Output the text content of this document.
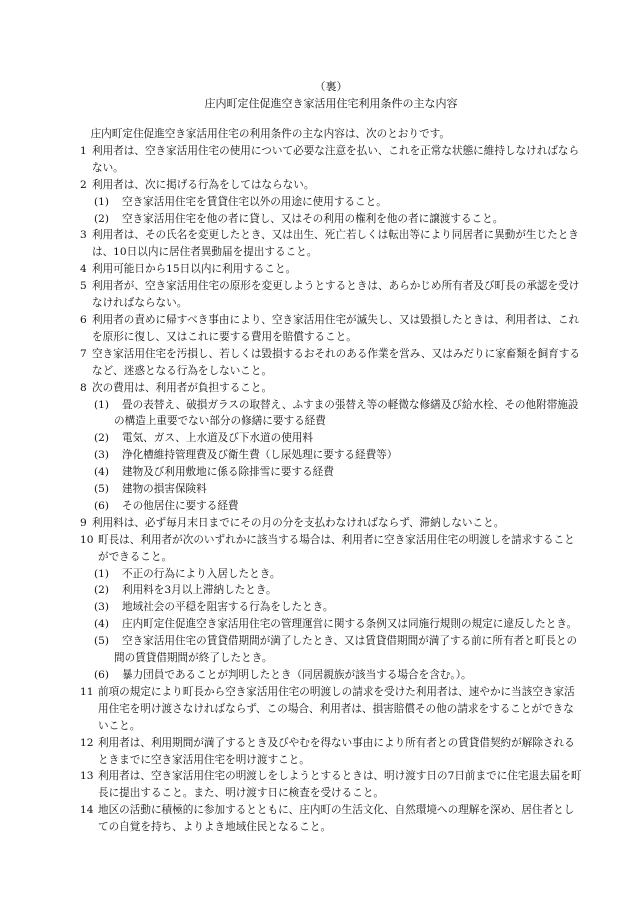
（裏）

庄内町定住促進空き家活用住宅利用条件の主な内容

庄内町定住促進空き家活用住宅の利用条件の主な内容は、次のとおりです。

1 利用者は、空き家活用住宅の使用について必要な注意を払い、これを正常な状態に維持しなければならない。

2 利用者は、次に掲げる行為をしてはならない。

(1) 空き家活用住宅を賃貸住宅以外の用途に使用すること。

(2) 空き家活用住宅を他の者に貸し、又はその利用の権利を他の者に譲渡すること。

3 利用者は、その氏名を変更したとき、又は出生、死亡若しくは転出等により同居者に異動が生じたときは、10日以内に居住者異動届を提出すること。

4 利用可能日から15日以内に利用すること。

5 利用者が、空き家活用住宅の原形を変更しようとするときは、あらかじめ所有者及び町長の承認を受けなければならない。

6 利用者の責めに帰すべき事由により、空き家活用住宅が滅失し、又は毀損したときは、利用者は、これを原形に復し、又はこれに要する費用を賠償すること。

7 空き家活用住宅を汚損し、若しくは毀損するおそれのある作業を営み、又はみだりに家畜類を飼育するなど、迷惑となる行為をしないこと。

8 次の費用は、利用者が負担すること。

(1) 畳の表替え、破損ガラスの取替え、ふすまの張替え等の軽微な修繕及び給水栓、その他附帯施設の構造上重要でない部分の修繕に要する経費

(2) 電気、ガス、上水道及び下水道の使用料

(3) 浄化槽維持管理費及び衛生費（し尿処理に要する経費等）

(4) 建物及び利用敷地に係る除排雪に要する経費

(5) 建物の損害保険料

(6) その他居住に要する経費

9 利用料は、必ず毎月末日までにその月の分を支払わなければならず、滞納しないこと。

10 町長は、利用者が次のいずれかに該当する場合は、利用者に空き家活用住宅の明渡しを請求することができること。

(1) 不正の行為により入居したとき。

(2) 利用料を3月以上滞納したとき。

(3) 地域社会の平穏を阻害する行為をしたとき。

(4) 庄内町定住促進空き家活用住宅の管理運営に関する条例又は同施行規則の規定に違反したとき。

(5) 空き家活用住宅の賃貸借期間が満了したとき、又は賃貸借期間が満了する前に所有者と町長との間の賃貸借期間が終了したとき。

(6) 暴力団員であることが判明したとき（同居親族が該当する場合を含む。）。

11 前項の規定により町長から空き家活用住宅の明渡しの請求を受けた利用者は、速やかに当該空き家活用住宅を明け渡さなければならず、この場合、利用者は、損害賠償その他の請求をすることができないこと。

12 利用者は、利用期間が満了するとき及びやむを得ない事由により所有者との賃貸借契約が解除されるときまでに空き家活用住宅を明け渡すこと。

13 利用者は、空き家活用住宅の明渡しをしようとするときは、明け渡す日の7日前までに住宅退去届を町長に提出すること。また、明け渡す日に検査を受けること。

14 地区の活動に積極的に参加するとともに、庄内町の生活文化、自然環境への理解を深め、居住者としての自覚を持ち、よりよき地域住民となること。
